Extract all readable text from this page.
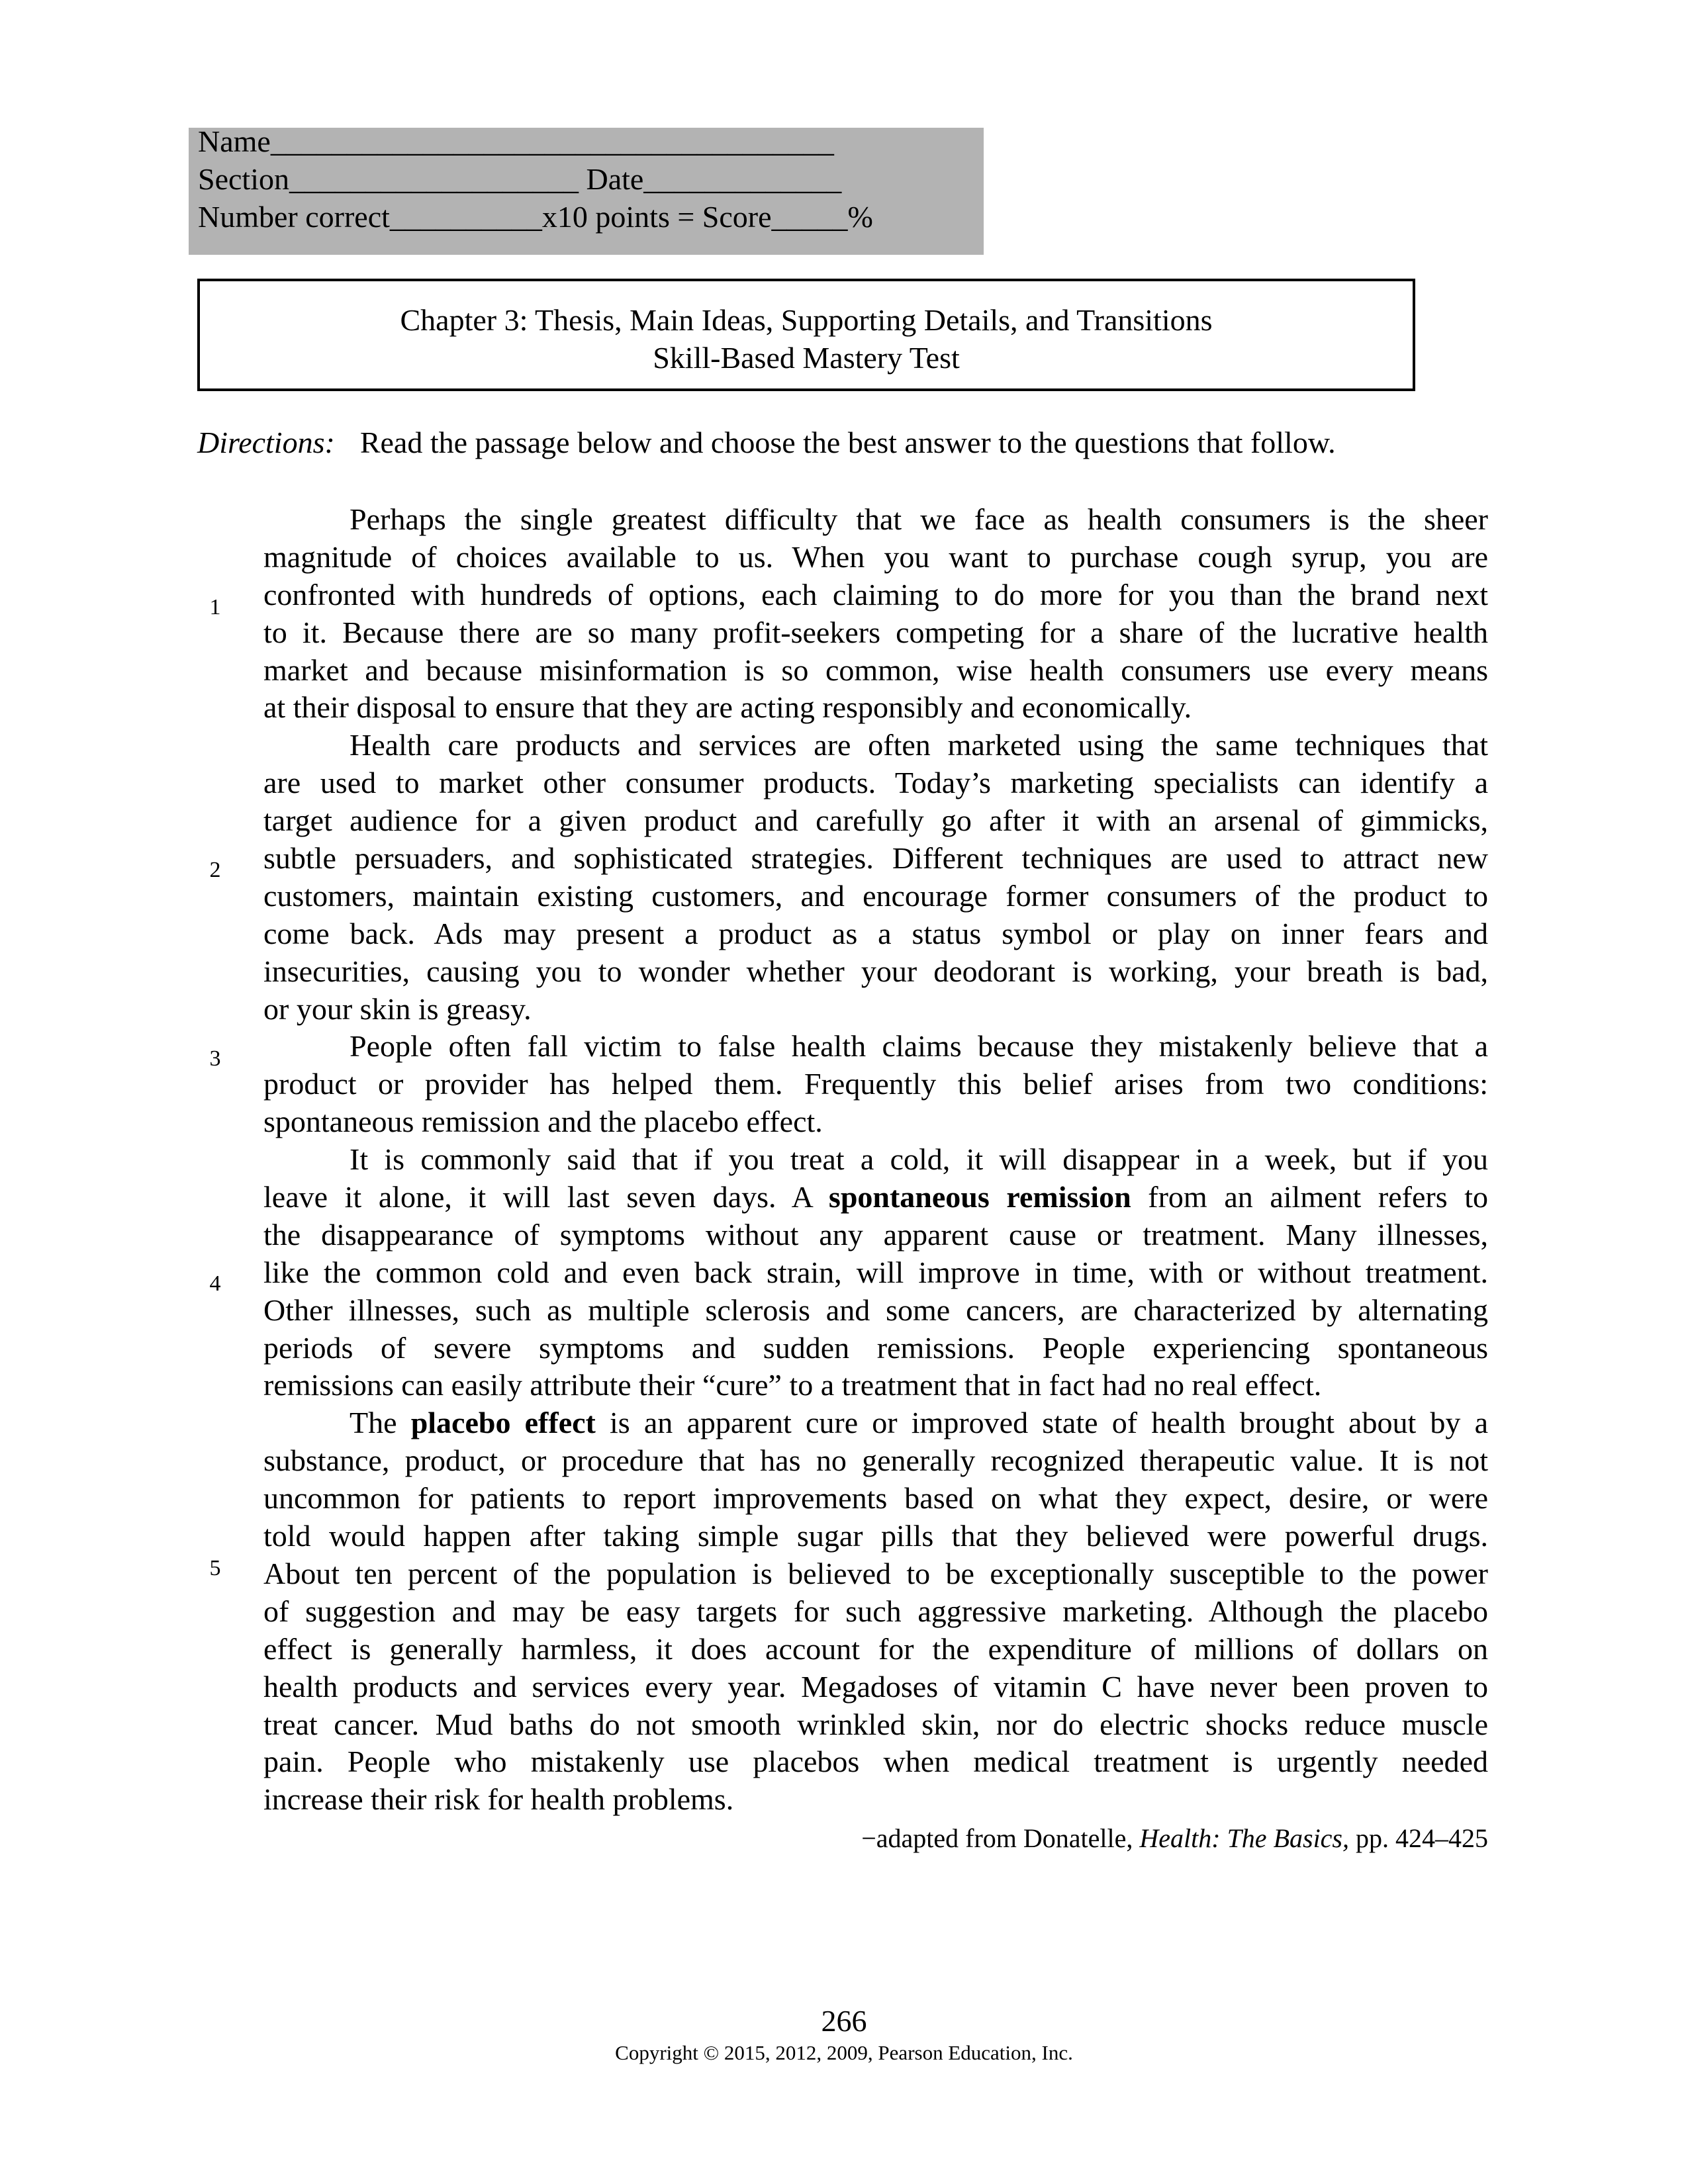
Name_____________________________________
Section___________________ Date_____________
Number correct__________x10 points = Score_____%
Chapter 3: Thesis, Main Ideas, Supporting Details, and Transitions
Skill-Based Mastery Test
Directions: Read the passage below and choose the best answer to the questions that follow.
1
2
3
4
5
Perhaps the single greatest difficulty that we face as health consumers is the sheer
magnitude of choices available to us. When you want to purchase cough syrup, you are
confronted with hundreds of options, each claiming to do more for you than the brand next
to it. Because there are so many profit-seekers competing for a share of the lucrative health
market and because misinformation is so common, wise health consumers use every means
at their disposal to ensure that they are acting responsibly and economically.
Health care products and services are often marketed using the same techniques that
are used to market other consumer products. Today’s marketing specialists can identify a
target audience for a given product and carefully go after it with an arsenal of gimmicks,
subtle persuaders, and sophisticated strategies. Different techniques are used to attract new
customers, maintain existing customers, and encourage former consumers of the product to
come back. Ads may present a product as a status symbol or play on inner fears and
insecurities, causing you to wonder whether your deodorant is working, your breath is bad,
or your skin is greasy.
People often fall victim to false health claims because they mistakenly believe that a
product or provider has helped them. Frequently this belief arises from two conditions:
spontaneous remission and the placebo effect.
It is commonly said that if you treat a cold, it will disappear in a week, but if you
leave it alone, it will last seven days. A spontaneous remission from an ailment refers to
the disappearance of symptoms without any apparent cause or treatment. Many illnesses,
like the common cold and even back strain, will improve in time, with or without treatment.
Other illnesses, such as multiple sclerosis and some cancers, are characterized by alternating
periods of severe symptoms and sudden remissions. People experiencing spontaneous
remissions can easily attribute their “cure” to a treatment that in fact had no real effect.
The placebo effect is an apparent cure or improved state of health brought about by a
substance, product, or procedure that has no generally recognized therapeutic value. It is not
uncommon for patients to report improvements based on what they expect, desire, or were
told would happen after taking simple sugar pills that they believed were powerful drugs.
About ten percent of the population is believed to be exceptionally susceptible to the power
of suggestion and may be easy targets for such aggressive marketing. Although the placebo
effect is generally harmless, it does account for the expenditure of millions of dollars on
health products and services every year. Megadoses of vitamin C have never been proven to
treat cancer. Mud baths do not smooth wrinkled skin, nor do electric shocks reduce muscle
pain. People who mistakenly use placebos when medical treatment is urgently needed
increase their risk for health problems.
−adapted from Donatelle, Health: The Basics, pp. 424–425
266
Copyright © 2015, 2012, 2009, Pearson Education, Inc.
